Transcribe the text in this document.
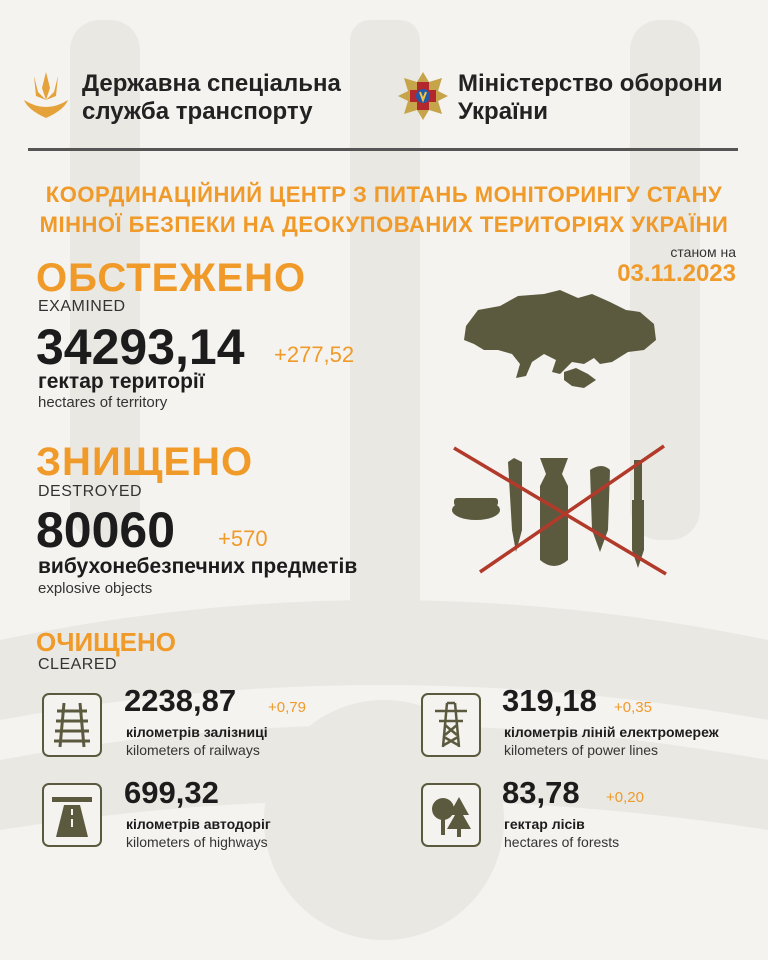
Державна спеціальна
служба транспорту
Міністерство оборони
України
КООРДИНАЦІЙНИЙ ЦЕНТР З ПИТАНЬ МОНІТОРИНГУ СТАНУ
МІННОЇ БЕЗПЕКИ НА ДЕОКУПОВАНИХ ТЕРИТОРІЯХ УКРАЇНИ
станом на
03.11.2023
ОБСТЕЖЕНО
EXAMINED
34293,14 +277,52
гектар території
hectares of territory
ЗНИЩЕНО
DESTROYED
80060 +570
вибухонебезпечних предметів
explosive objects
ОЧИЩЕНО
CLEARED
2238,87 +0,79
кілометрів залізниці
kilometers of railways
319,18 +0,35
кілометрів ліній електромереж
kilometers of power lines
699,32
кілометрів автодоріг
kilometers of highways
83,78 +0,20
гектар лісів
hectares of forests
